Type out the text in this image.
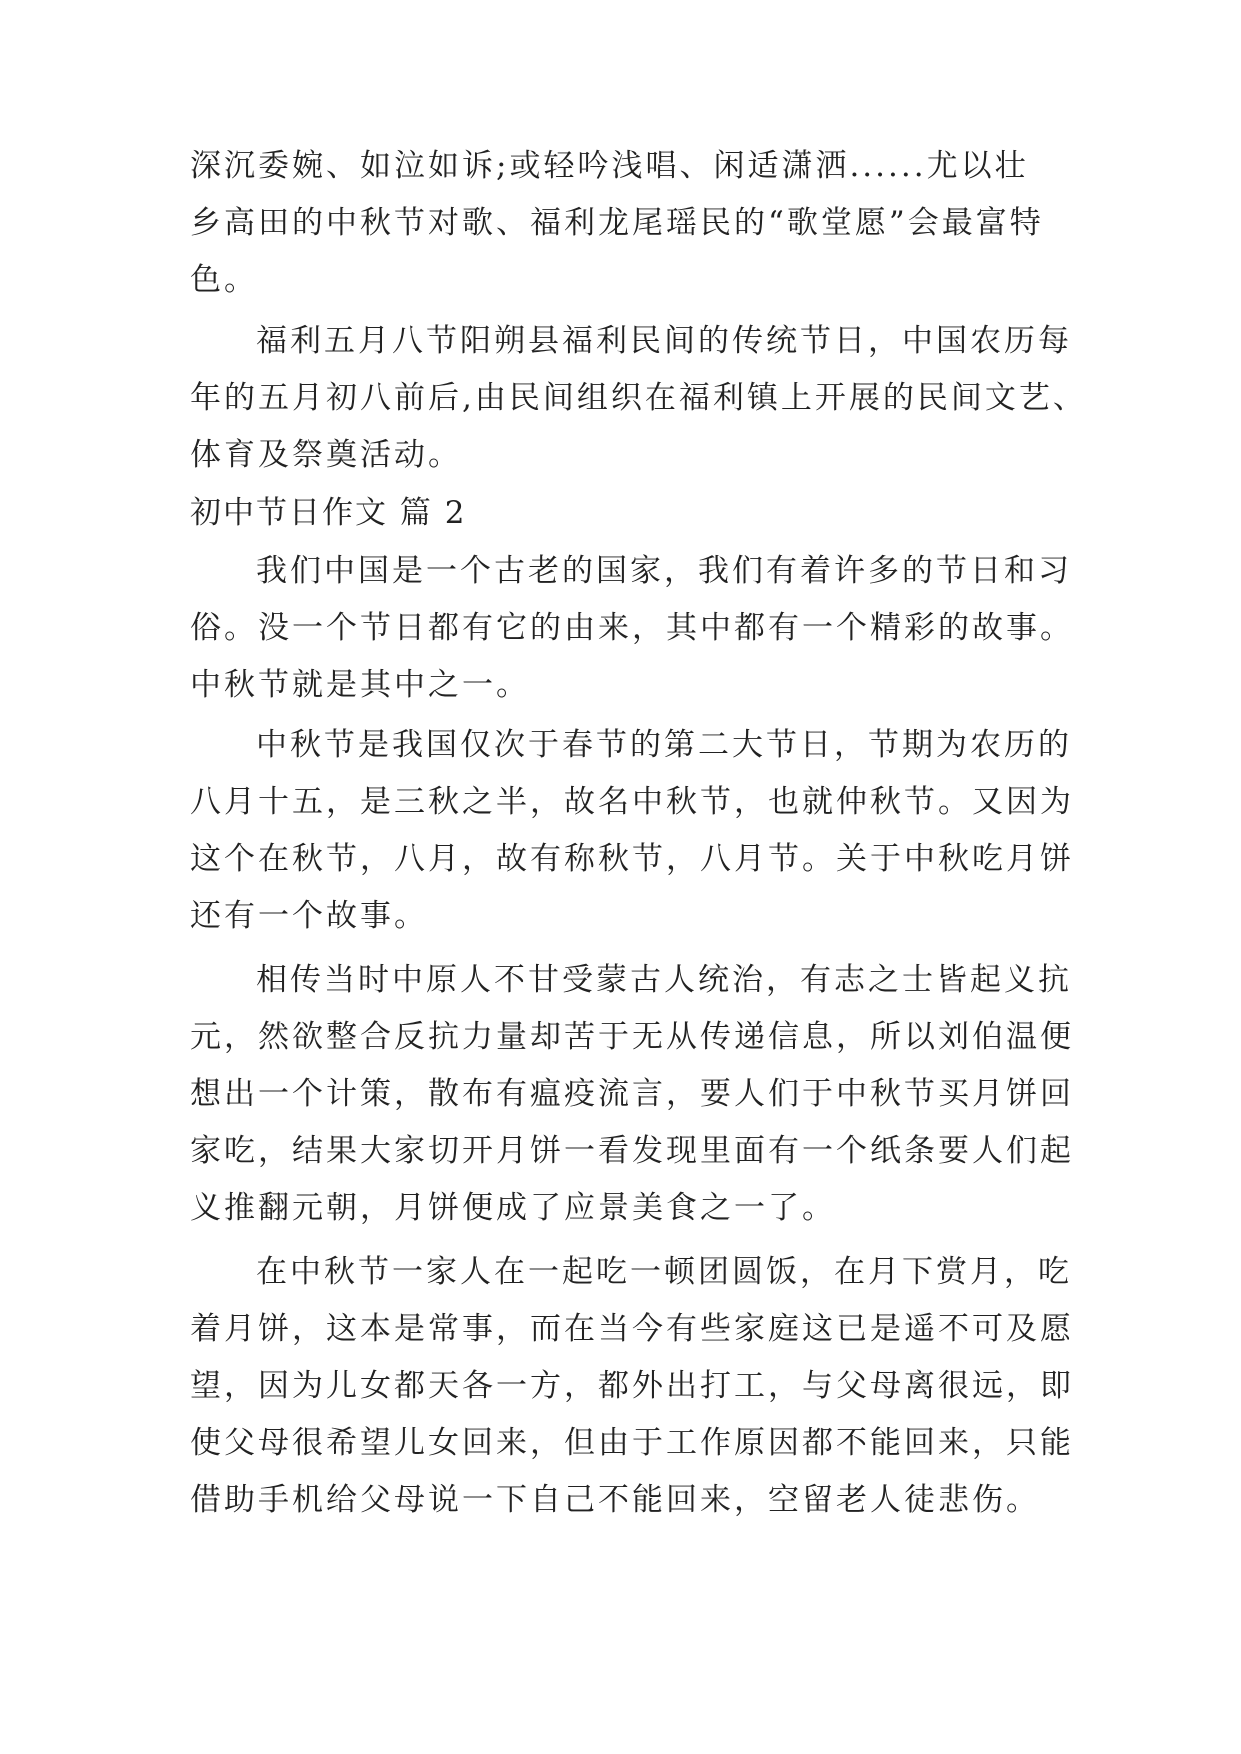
深沉委婉、如泣如诉;或轻吟浅唱、闲适潇洒......尤以壮
乡高田的中秋节对歌、福利龙尾瑶民的“歌堂愿”会最富特
色。
福利五月八节阳朔县福利民间的传统节日，中国农历每
年的五月初八前后,由民间组织在福利镇上开展的民间文艺、
体育及祭奠活动。
初中节日作文 篇 2
我们中国是一个古老的国家，我们有着许多的节日和习
俗。没一个节日都有它的由来，其中都有一个精彩的故事。
中秋节就是其中之一。
中秋节是我国仅次于春节的第二大节日，节期为农历的
八月十五，是三秋之半，故名中秋节，也就仲秋节。又因为
这个在秋节，八月，故有称秋节，八月节。关于中秋吃月饼
还有一个故事。
相传当时中原人不甘受蒙古人统治，有志之士皆起义抗
元，然欲整合反抗力量却苦于无从传递信息，所以刘伯温便
想出一个计策，散布有瘟疫流言，要人们于中秋节买月饼回
家吃，结果大家切开月饼一看发现里面有一个纸条要人们起
义推翻元朝，月饼便成了应景美食之一了。
在中秋节一家人在一起吃一顿团圆饭，在月下赏月，吃
着月饼，这本是常事，而在当今有些家庭这已是遥不可及愿
望，因为儿女都天各一方，都外出打工，与父母离很远，即
使父母很希望儿女回来，但由于工作原因都不能回来，只能
借助手机给父母说一下自己不能回来，空留老人徒悲伤。
